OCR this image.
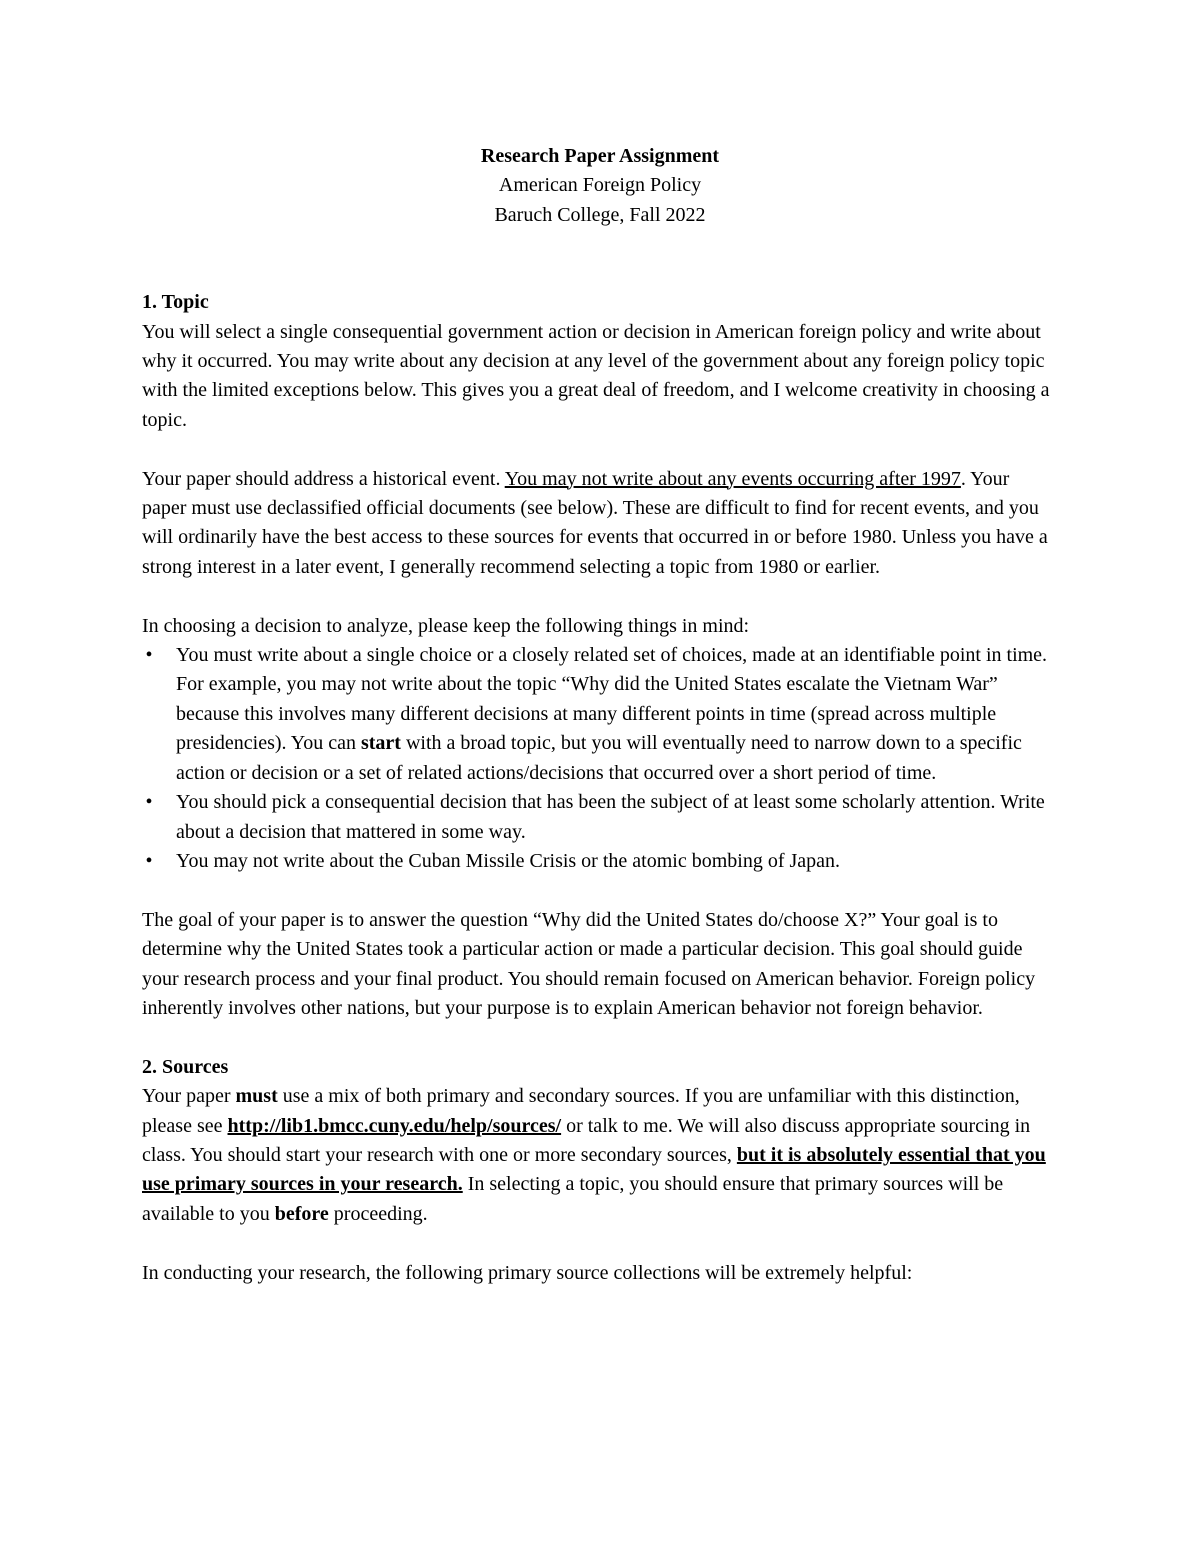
Research Paper Assignment

American Foreign Policy

Baruch College, Fall 2022

1. Topic

You will select a single consequential government action or decision in American foreign policy and write about why it occurred. You may write about any decision at any level of the government about any foreign policy topic with the limited exceptions below. This gives you a great deal of freedom, and I welcome creativity in choosing a topic.

Your paper should address a historical event. You may not write about any events occurring after 1997. Your paper must use declassified official documents (see below). These are difficult to find for recent events, and you will ordinarily have the best access to these sources for events that occurred in or before 1980. Unless you have a strong interest in a later event, I generally recommend selecting a topic from 1980 or earlier.

In choosing a decision to analyze, please keep the following things in mind:

• You must write about a single choice or a closely related set of choices, made at an identifiable point in time. For example, you may not write about the topic “Why did the United States escalate the Vietnam War” because this involves many different decisions at many different points in time (spread across multiple presidencies). You can start with a broad topic, but you will eventually need to narrow down to a specific action or decision or a set of related actions/decisions that occurred over a short period of time.
• You should pick a consequential decision that has been the subject of at least some scholarly attention. Write about a decision that mattered in some way.
• You may not write about the Cuban Missile Crisis or the atomic bombing of Japan.

The goal of your paper is to answer the question “Why did the United States do/choose X?” Your goal is to determine why the United States took a particular action or made a particular decision. This goal should guide your research process and your final product. You should remain focused on American behavior. Foreign policy inherently involves other nations, but your purpose is to explain American behavior not foreign behavior.

2. Sources

Your paper must use a mix of both primary and secondary sources. If you are unfamiliar with this distinction, please see http://lib1.bmcc.cuny.edu/help/sources/ or talk to me. We will also discuss appropriate sourcing in class. You should start your research with one or more secondary sources, but it is absolutely essential that you use primary sources in your research. In selecting a topic, you should ensure that primary sources will be available to you before proceeding.

In conducting your research, the following primary source collections will be extremely helpful:
